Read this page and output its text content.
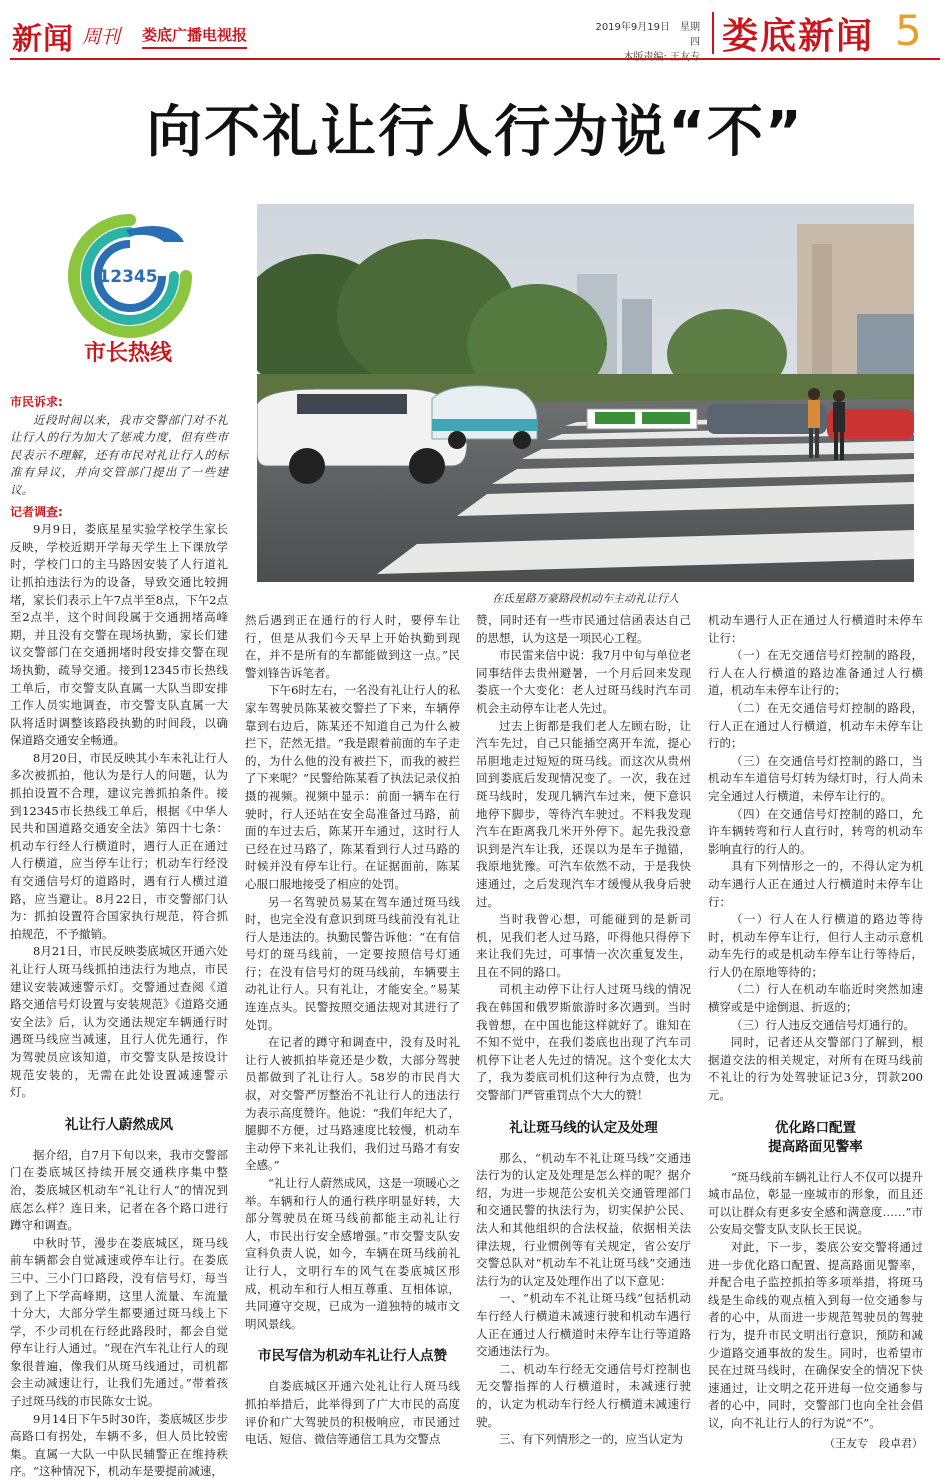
新闻 周刊 娄底广播电视报	2019年9月19日　星期四 娄底新闻 5
向不礼让行人行为说“不”
12345
市长热线
在氐星路万豪路段机动车主动礼让行人

市民诉求:

近段时间以来，我市交警部门对不礼让行人的行为加大了惩戒力度，但有些市民表示不理解，还有市民对礼让行人的标准有异议，并向交管部门提出了一些建议。

记者调查:

9月9日，娄底星星实验学校学生家长反映，学校近期开学每天学生上下课放学时，学校门口的主马路因安装了人行道礼让抓拍违法行为的设备，导致交通比较拥堵，家长们表示上午7点半至8点，下午2点至2点半，这个时间段属于交通拥堵高峰期，并且没有交警在现场执勤，家长们建议交警部门在交通拥堵时段安排交警在现场执勤，疏导交通。接到12345市长热线工单后，市交警支队直属一大队当即安排工作人员实地调查，市交警支队直属一大队将适时调整该路段执勤的时间段，以确保道路交通安全畅通。

8月20日，市民反映其小车未礼让行人多次被抓拍，他认为是行人的问题，认为抓拍设置不合理，建议完善抓拍条件。接到12345市长热线工单后，根据《中华人民共和国道路交通安全法》第四十七条：机动车行经人行横道时，遇行人正在通过人行横道，应当停车让行；机动车行经没有交通信号灯的道路时，遇有行人横过道路，应当避让。8月22日，市交警部门认为：抓拍设置符合国家执行规范，符合抓拍规范，不予撤销。

8月21日，市民反映娄底城区开通六处礼让行人斑马线抓拍违法行为地点，市民建议安装减速警示灯。交警通过查阅《道路交通信号灯设置与安装规范》《道路交通安全法》后，认为交通法规定车辆通行时遇斑马线应当减速，且行人优先通行，作为驾驶员应该知道，市交警支队是按设计规范安装的，无需在此处设置减速警示灯。

礼让行人蔚然成风

据介绍，自7月下旬以来，我市交警部门在娄底城区持续开展交通秩序集中整治，娄底城区机动车“礼让行人”的情况到底怎么样？连日来，记者在各个路口进行蹲守和调查。

中秋时节，漫步在娄底城区，斑马线前车辆都会自觉减速或停车让行。在娄底三中、三小门口路段，没有信号灯，每当到了上下学高峰期，这里人流量、车流量十分大，大部分学生都要通过斑马线上下学，不少司机在行经此路段时，都会自觉停车让行人通过。“现在汽车礼让行人的现象很普遍，像我们从斑马线通过，司机都会主动减速让行，让我们先通过。”带着孩子过斑马线的市民陈女士说。

9月14日下午5时30许，娄底城区步步高路口有拐处，车辆不多，但人员比较密集。直属一大队一中队民辅警正在维持秩序。“这种情况下，机动车是要提前减速，

然后遇到正在通行的行人时，要停车让行，但是从我们今天早上开始执勤到现在，并不是所有的车都能做到这一点。”民警刘锋告诉笔者。

下午6时左右，一名没有礼让行人的私家车驾驶员陈某被交警拦了下来，车辆停靠到右边后，陈某还不知道自己为什么被拦下，茫然无措。“我是跟着前面的车子走的，为什么他的没有被拦下，而我的被拦了下来呢？”民警给陈某看了执法记录仪拍摄的视频。视频中显示：前面一辆车在行驶时，行人还站在安全岛准备过马路，前面的车过去后，陈某开车通过，这时行人已经在过马路了，陈某看到行人过马路的时候并没有停车让行。在证据面前，陈某心服口服地接受了相应的处罚。

另一名驾驶员易某在驾车通过斑马线时，也完全没有意识到斑马线前没有礼让行人是违法的。执勤民警告诉他：“在有信号灯的斑马线前，一定要按照信号灯通行；在没有信号灯的斑马线前，车辆要主动礼让行人。只有礼让，才能安全。”易某连连点头。民警按照交通法规对其进行了处罚。

在记者的蹲守和调查中，没有及时礼让行人被抓拍毕竟还是少数，大部分驾驶员都做到了礼让行人。58岁的市民肖大叔，对交警严厉整治不礼让行人的违法行为表示高度赞许。他说：“我们年纪大了，腿脚不方便，过马路速度比较慢，机动车主动停下来礼让我们，我们过马路才有安全感。”

“礼让行人蔚然成风，这是一项暖心之举。车辆和行人的通行秩序明显好转，大部分驾驶员在斑马线前都能主动礼让行人，市民出行安全感增强。”市交警支队安宣科负责人说，如今，车辆在斑马线前礼让行人，文明行车的风气在娄底城区形成，机动车和行人相互尊重、互相体谅，共同遵守交规，已成为一道独特的城市文明风景线。

市民写信为机动车礼让行人点赞

自娄底城区开通六处礼让行人斑马线抓拍举措后，此举得到了广大市民的高度评价和广大驾驶员的积极响应，市民通过电话、短信、微信等通信工具为交警点

赞，同时还有一些市民通过信函表达自己的思想，认为这是一项民心工程。

市民雷来信中说：我7月中旬与单位老同事结伴去贵州避暑，一个月后回来发现娄底一个大变化：老人过斑马线时汽车司机会主动停车让老人先过。

过去上街都是我们老人左顾右盼，让汽车先过，自己只能插空离开车流，提心吊胆地走过短短的斑马线。而这次从贵州回到娄底后发现情况变了。一次，我在过斑马线时，发现几辆汽车过来，便下意识地停下脚步，等待汽车驶过。不料我发现汽车在距离我几米开外停下。起先我没意识到是汽车让我，还误以为是车子抛锚，我原地犹豫。可汽车依然不动，于是我快速通过，之后发现汽车才缓慢从我身后驶过。

当时我曾心想，可能碰到的是新司机，见我们老人过马路，吓得他只得停下来让我们先过，可事情一次次重复发生，且在不同的路口。

司机主动停下让行人过斑马线的情况我在韩国和俄罗斯旅游时多次遇到。当时我曾想，在中国也能这样就好了。谁知在不知不觉中，在我们娄底也出现了汽车司机停下让老人先过的情况。这个变化太大了，我为娄底司机们这种行为点赞，也为交警部门严管重罚点个大大的赞！

礼让斑马线的认定及处理

那么，“机动车不礼让斑马线”交通违法行为的认定及处理是怎么样的呢？据介绍，为进一步规范公安机关交通管理部门和交通民警的执法行为，切实保护公民、法人和其他组织的合法权益，依据相关法律法规，行业惯例等有关规定，省公安厅交警总队对“机动车不礼让斑马线”交通违法行为的认定及处理作出了以下意见：

一、“机动车不礼让斑马线”包括机动车行经人行横道未减速行驶和机动车遇行人正在通过人行横道时未停车让行等道路交通违法行为。

二、机动车行经无交通信号灯控制也无交警指挥的人行横道时，未减速行驶的，认定为机动车行经人行横道未减速行驶。

三、有下列情形之一的，应当认定为

机动车遇行人正在通过人行横道时未停车让行：

（一）在无交通信号灯控制的路段，行人在人行横道的路边准备通过人行横道，机动车未停车让行的；

（二）在无交通信号灯控制的路段，行人正在通过人行横道，机动车未停车让行的；

（三）在交通信号灯控制的路口，当机动车车道信号灯转为绿灯时，行人尚未完全通过人行横道，未停车让行的。

（四）在交通信号灯控制的路口，允许车辆转弯和行人直行时，转弯的机动车影响直行的行人的。

具有下列情形之一的，不得认定为机动车遇行人正在通过人行横道时未停车让行：

（一）行人在人行横道的路边等待时，机动车停车让行，但行人主动示意机动车先行的或是机动车停车让行等待后，行人仍在原地等待的；

（二）行人在机动车临近时突然加速横穿或是中途倒退、折返的；

（三）行人违反交通信号灯通行的。

同时，记者还从交警部门了解到，根据道交法的相关规定，对所有在斑马线前不礼让的行为处驾驶证记3分，罚款200元。

优化路口配置
提高路面见警率

“斑马线前车辆礼让行人不仅可以提升城市品位，彰显一座城市的形象，而且还可以让群众有更多安全感和满意度……”市公安局交警支队支队长王民说。

对此，下一步，娄底公安交警将通过进一步优化路口配置、提高路面见警率，并配合电子监控抓拍等多项举措，将斑马线是生命线的观点植入到每一位交通参与者的心中，从而进一步规范驾驶员的驾驶行为，提升市民文明出行意识，预防和减少道路交通事故的发生。同时，也希望市民在过斑马线时，在确保安全的情况下快速通过，让文明之花开进每一位交通参与者的心中，同时，交警部门也向全社会倡议，向不礼让行人的行为说“不”。

（王友专　段卓君）
